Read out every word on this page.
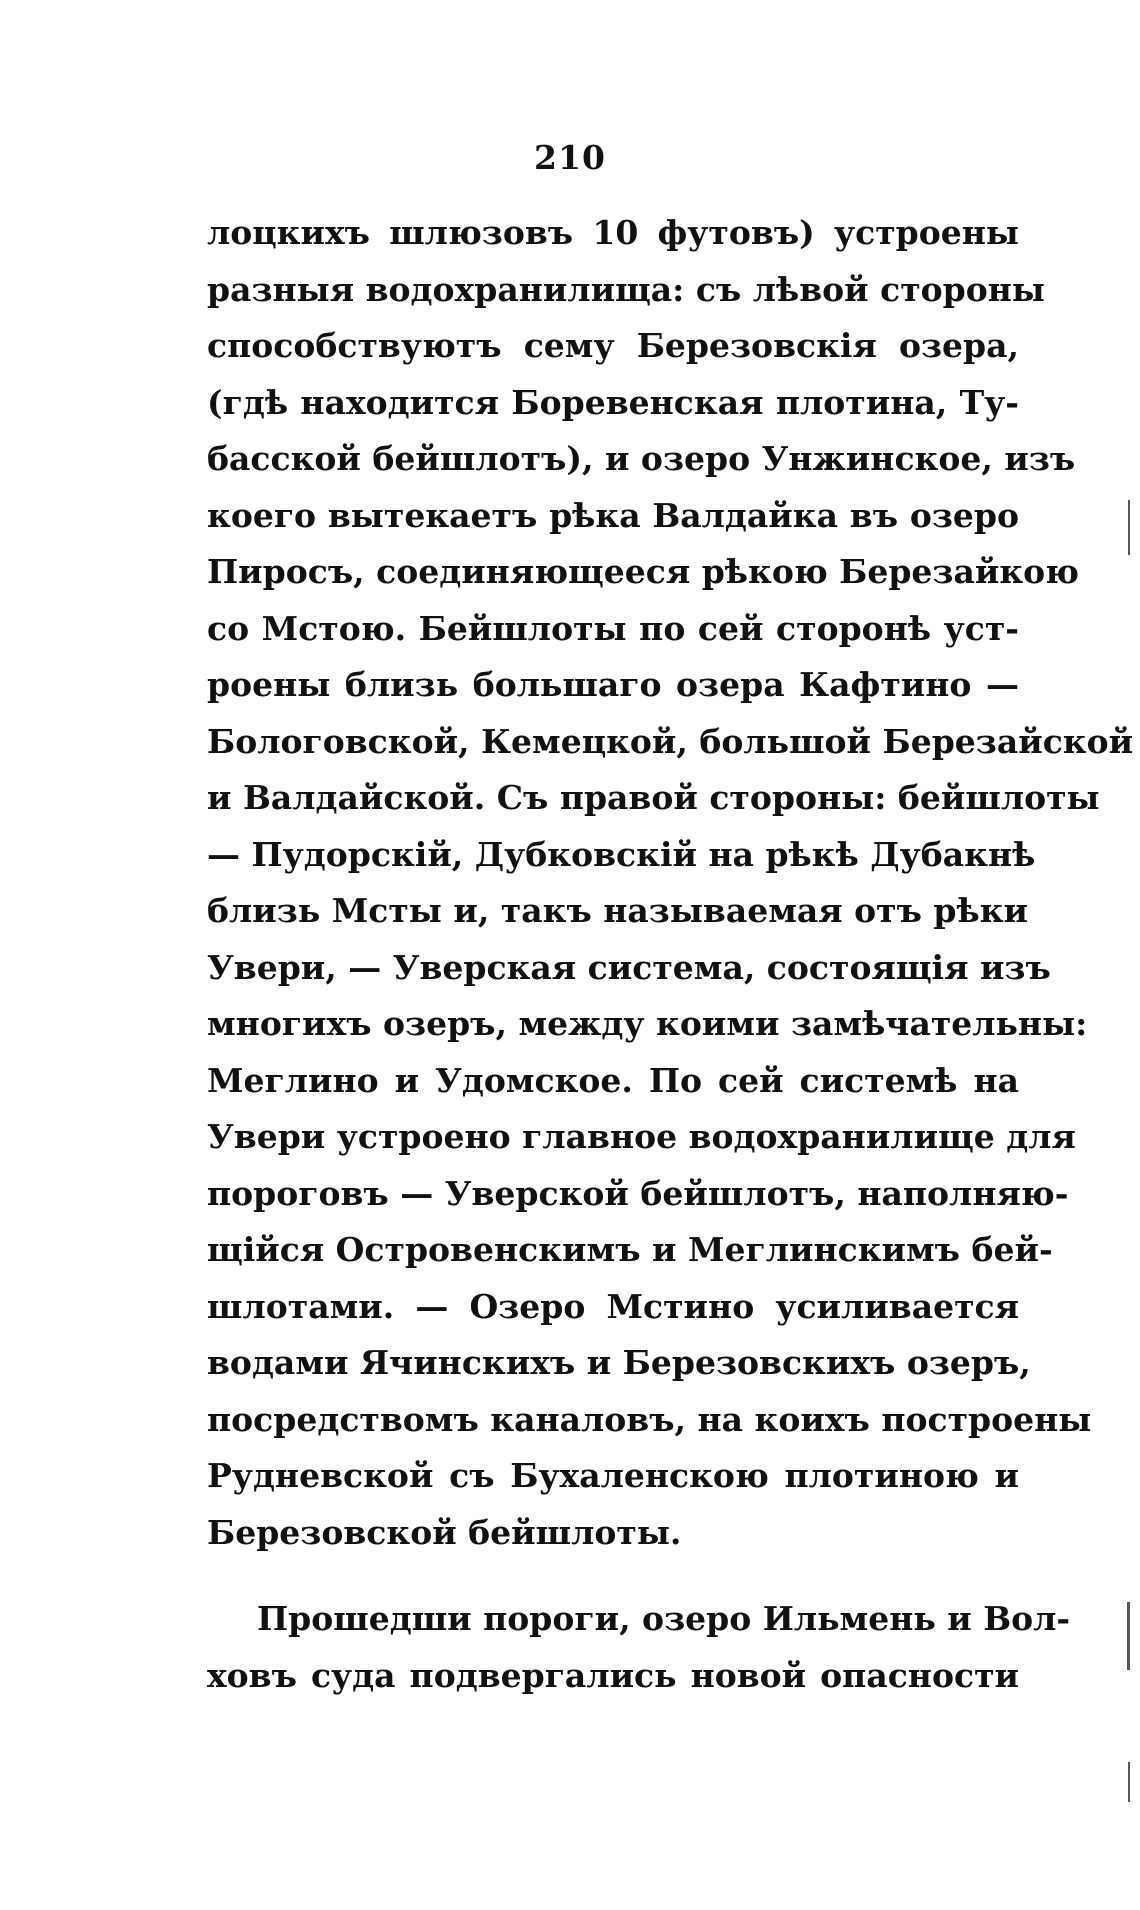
210
лоцкихъ шлюзовъ 10 футовъ) устроены
разныя водохранилища: съ лѣвой стороны
способствуютъ сему Березовскія озера,
(гдѣ находится Боревенская плотина, Ту-
басской бейшлотъ), и озеро Унжинское, изъ
коего вытекаетъ рѣка Валдайка въ озеро
Пиросъ, соединяющееся рѣкою Березайкою
со Мстою. Бейшлоты по сей сторонѣ уст-
роены близь большаго озера Кафтино —
Бологовской, Кемецкой, большой Березайской
и Валдайской. Съ правой стороны: бейшлоты
— Пудорскій, Дубковскій на рѣкѣ Дубакнѣ
близь Мсты и, такъ называемая отъ рѣки
Увери, — Уверская система, состоящія изъ
многихъ озеръ, между коими замѣчательны:
Меглино и Удомское. По сей системѣ на
Увери устроено главное водохранилище для
пороговъ — Уверской бейшлотъ, наполняю-
щійся Островенскимъ и Меглинскимъ бей-
шлотами. — Озеро Мстино усиливается
водами Ячинскихъ и Березовскихъ озеръ,
посредствомъ каналовъ, на коихъ построены
Рудневской съ Бухаленскою плотиною и
Березовской бейшлоты.
Прошедши пороги, озеро Ильмень и Вол-
ховъ суда подвергались новой опасности
